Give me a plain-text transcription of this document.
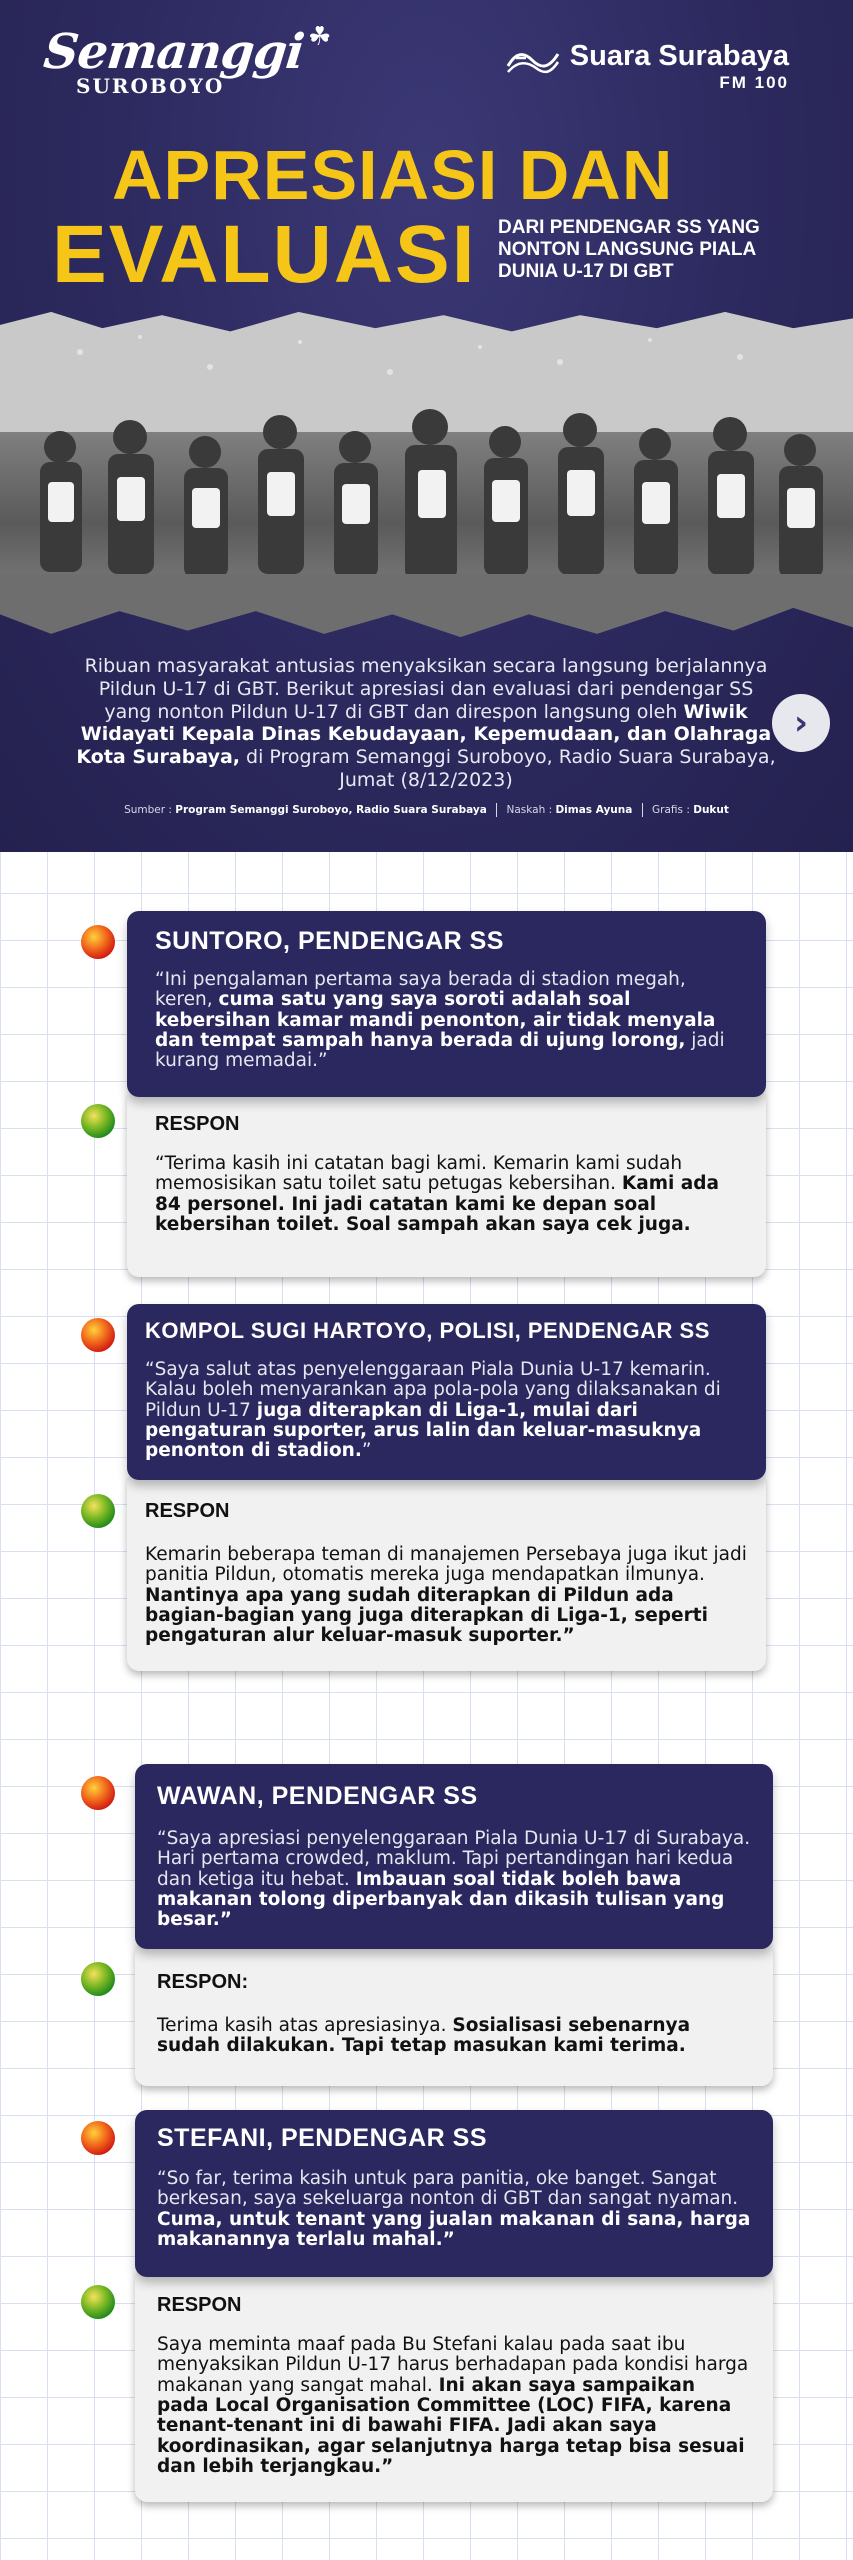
Semanggi ☘
SUROBOYO
Suara Surabaya
FM 100
APRESIASI DAN
EVALUASI DARI PENDENGAR SS YANG NONTON LANGSUNG PIALA DUNIA U-17 DI GBT
Ribuan masyarakat antusias menyaksikan secara langsung berjalannya Pildun U-17 di GBT. Berikut apresiasi dan evaluasi dari pendengar SS yang nonton Pildun U-17 di GBT dan direspon langsung oleh Wiwik Widayati Kepala Dinas Kebudayaan, Kepemudaan, dan Olahraga Kota Surabaya, di Program Semanggi Suroboyo, Radio Suara Surabaya, Jumat (8/12/2023)
›
Sumber : Program Semanggi Suroboyo, Radio Suara Surabaya Naskah : Dimas Ayuna Grafis : Dukut
SUNTORO, PENDENGAR SS
“Ini pengalaman pertama saya berada di stadion megah, keren, cuma satu yang saya soroti adalah soal kebersihan kamar mandi penonton, air tidak menyala dan tempat sampah hanya berada di ujung lorong, jadi kurang memadai.”
RESPON
“Terima kasih ini catatan bagi kami. Kemarin kami sudah memosisikan satu toilet satu petugas kebersihan. Kami ada 84 personel. Ini jadi catatan kami ke depan soal kebersihan toilet. Soal sampah akan saya cek juga.
KOMPOL SUGI HARTOYO, POLISI, PENDENGAR SS
“Saya salut atas penyelenggaraan Piala Dunia U-17 kemarin. Kalau boleh menyarankan apa pola-pola yang dilaksanakan di Pildun U-17 juga diterapkan di Liga-1, mulai dari pengaturan suporter, arus lalin dan keluar-masuknya penonton di stadion.”
RESPON
Kemarin beberapa teman di manajemen Persebaya juga ikut jadi panitia Pildun, otomatis mereka juga mendapatkan ilmunya. Nantinya apa yang sudah diterapkan di Pildun ada bagian-bagian yang juga diterapkan di Liga-1, seperti pengaturan alur keluar-masuk suporter.”
WAWAN, PENDENGAR SS
“Saya apresiasi penyelenggaraan Piala Dunia U-17 di Surabaya. Hari pertama crowded, maklum. Tapi pertandingan hari kedua dan ketiga itu hebat. Imbauan soal tidak boleh bawa makanan tolong diperbanyak dan dikasih tulisan yang besar.”
RESPON:
Terima kasih atas apresiasinya. Sosialisasi sebenarnya sudah dilakukan. Tapi tetap masukan kami terima.
STEFANI, PENDENGAR SS
“So far, terima kasih untuk para panitia, oke banget. Sangat berkesan, saya sekeluarga nonton di GBT dan sangat nyaman. Cuma, untuk tenant yang jualan makanan di sana, harga makanannya terlalu mahal.”
RESPON
Saya meminta maaf pada Bu Stefani kalau pada saat ibu menyaksikan Pildun U-17 harus berhadapan pada kondisi harga makanan yang sangat mahal. Ini akan saya sampaikan pada Local Organisation Committee (LOC) FIFA, karena tenant-tenant ini di bawahi FIFA. Jadi akan saya koordinasikan, agar selanjutnya harga tetap bisa sesuai dan lebih terjangkau.”
